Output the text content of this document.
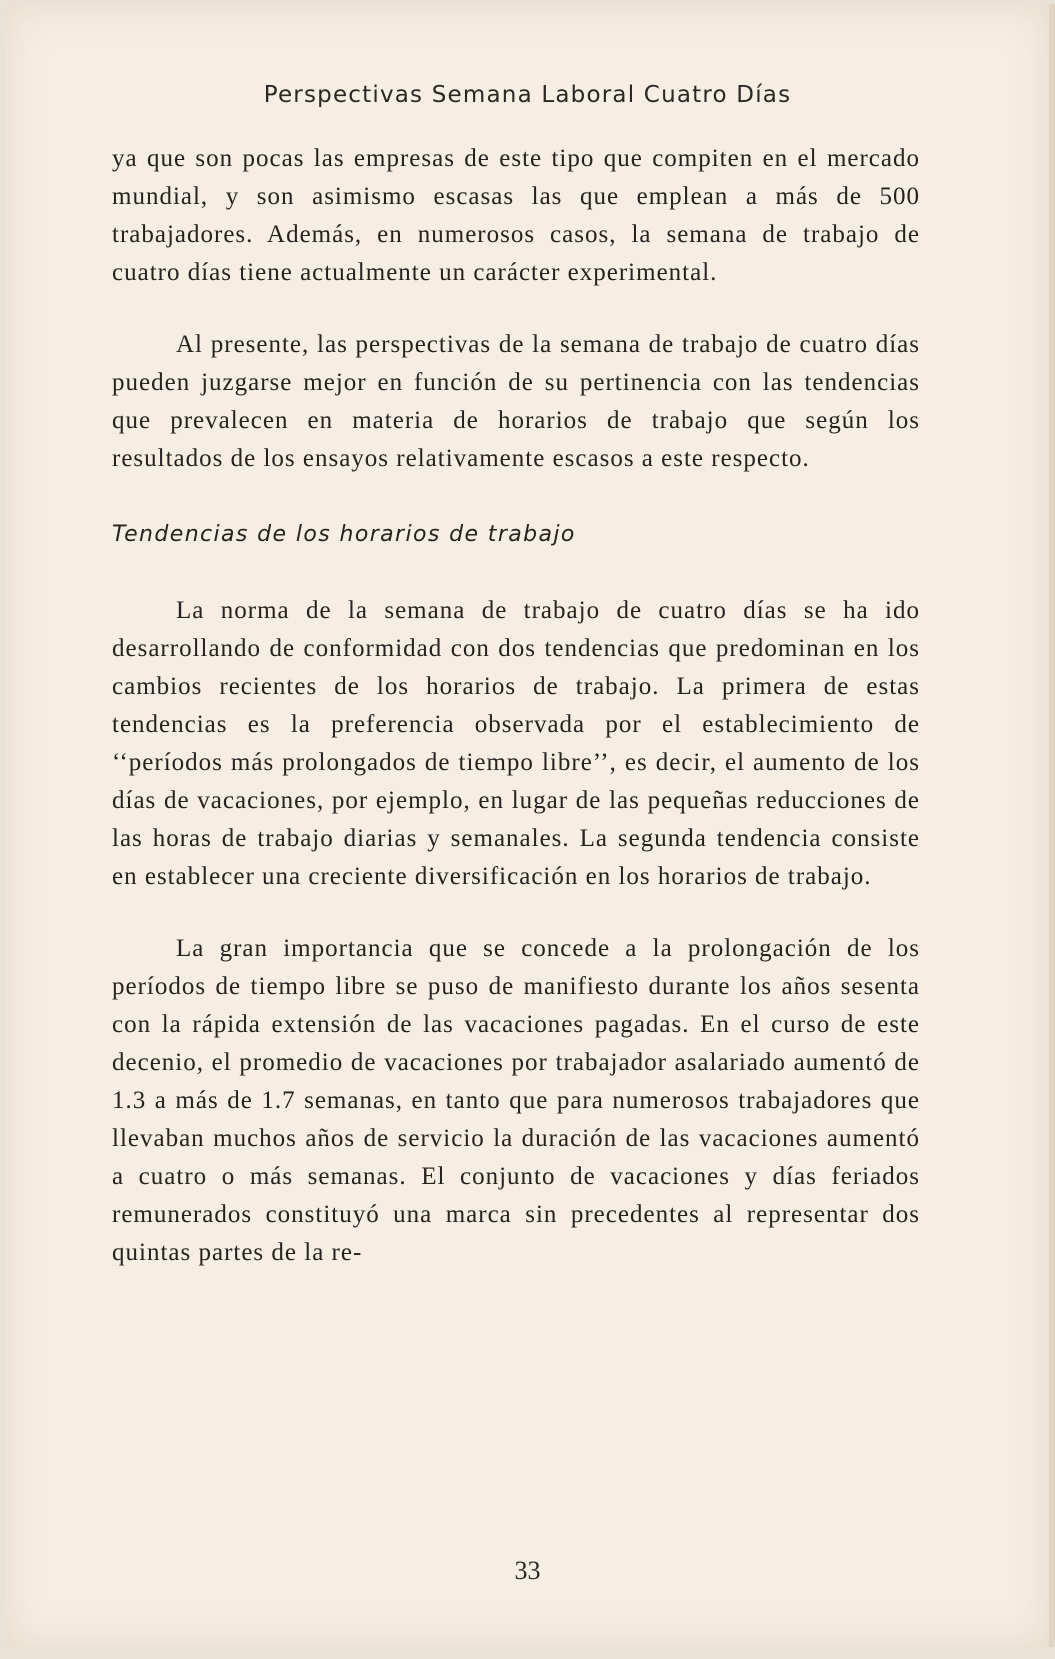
Perspectivas Semana Laboral Cuatro Días

ya que son pocas las empresas de este tipo que compiten en el mercado mundial, y son asimismo escasas las que emplean a más de 500 trabajadores. Además, en numerosos casos, la semana de trabajo de cuatro días tiene actualmente un carácter experimental.

Al presente, las perspectivas de la semana de trabajo de cuatro días pueden juzgarse mejor en función de su pertinencia con las tendencias que prevalecen en materia de horarios de trabajo que según los resultados de los ensayos relativamente escasos a este respecto.

Tendencias de los horarios de trabajo

La norma de la semana de trabajo de cuatro días se ha ido desarrollando de conformidad con dos tendencias que predominan en los cambios recientes de los horarios de trabajo. La primera de estas tendencias es la preferencia observada por el establecimiento de ‘‘períodos más prolongados de tiempo libre’’, es decir, el aumento de los días de vacaciones, por ejemplo, en lugar de las pequeñas reducciones de las horas de trabajo diarias y semanales. La segunda tendencia consiste en establecer una creciente diversificación en los horarios de trabajo.

La gran importancia que se concede a la prolongación de los períodos de tiempo libre se puso de manifiesto durante los años sesenta con la rápida extensión de las vacaciones pagadas. En el curso de este decenio, el promedio de vacaciones por trabajador asalariado aumentó de 1.3 a más de 1.7 semanas, en tanto que para numerosos trabajadores que llevaban muchos años de servicio la duración de las vacaciones aumentó a cuatro o más semanas. El conjunto de vacaciones y días feriados remunerados constituyó una marca sin precedentes al representar dos quintas partes de la re-

33
